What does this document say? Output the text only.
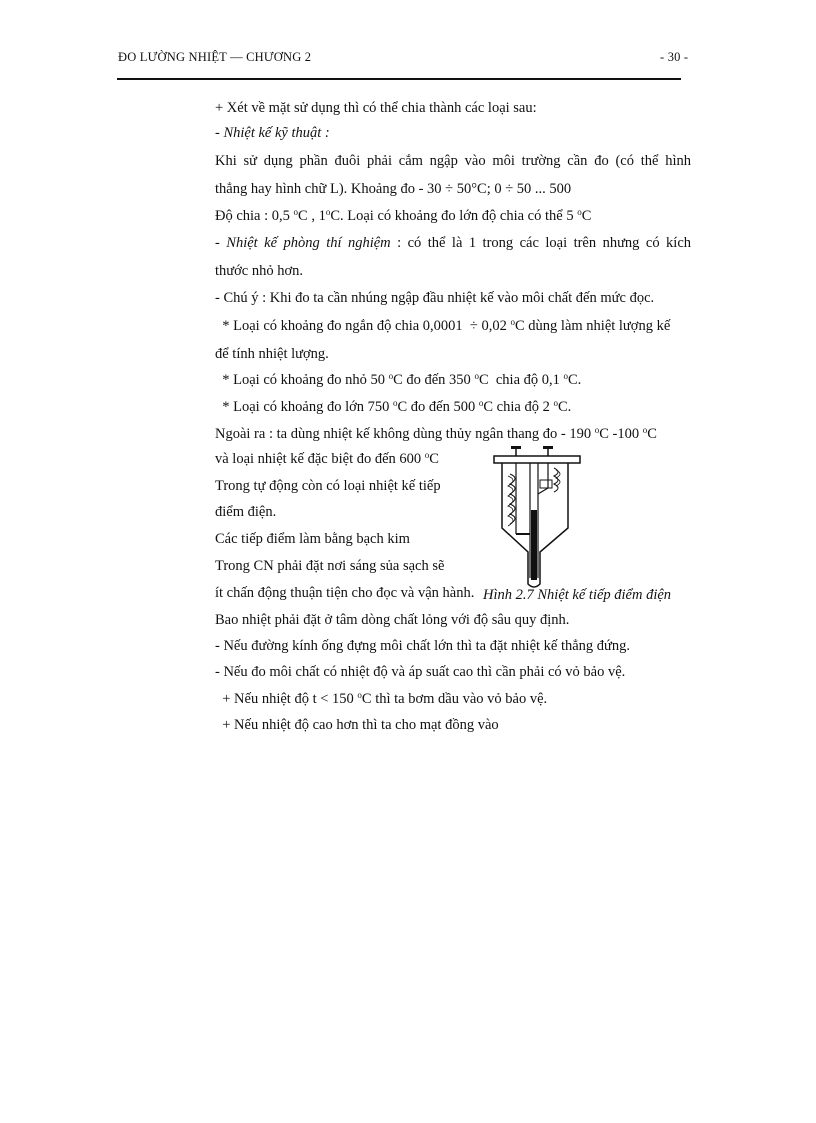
ĐO LƯỜNG NHIỆT — CHƯƠNG 2	- 30 -
+ Xét về mặt sử dụng thì có thể chia thành các loại sau:
- Nhiệt kế kỹ thuật :
Khi sử dụng phần đuôi phải cắm ngập vào môi trường cần đo (có thể hình
thẳng hay hình chữ L). Khoảng đo - 30 ÷ 50°C; 0 ÷ 50 ... 500
Độ chia : 0,5 $^o$C , 1$^o$C. Loại có khoảng đo lớn độ chia có thể 5 $^o$C
- Nhiệt kế phòng thí nghiệm : có thể là 1 trong các loại trên nhưng có kích
thước nhỏ hơn.
- Chú ý : Khi đo ta cần nhúng ngập đầu nhiệt kế vào môi chất đến mức đọc.
* Loại có khoảng đo ngắn độ chia 0,0001  ÷ 0,02 $^o$C dùng làm nhiệt lượng kế
để tính nhiệt lượng.
* Loại có khoảng đo nhỏ 50 $^o$C đo đến 350 $^o$C  chia độ 0,1 $^o$C.
* Loại có khoảng đo lớn 750 $^o$C đo đến 500 $^o$C chia độ 2 $^o$C.
Ngoài ra : ta dùng nhiệt kế không dùng thủy ngân thang đo - 190 $^o$C -100 $^o$C
và loại nhiệt kế đặc biệt đo đến 600 $^o$C
Trong tự động còn có loại nhiệt kế tiếp
điểm điện.
Các tiếp điểm làm bằng bạch kim
Trong CN phải đặt nơi sáng sủa sạch sẽ
ít chấn động thuận tiện cho đọc và vận hành. Hình 2.7 Nhiệt kế tiếp điểm điện
Bao nhiệt phải đặt ở tâm dòng chất lỏng với độ sâu quy định.
- Nếu đường kính ống đựng môi chất lớn thì ta đặt nhiệt kế thẳng đứng.
- Nếu đo môi chất có nhiệt độ và áp suất cao thì cần phải có vỏ bảo vệ.
+ Nếu nhiệt độ t < 150 $^o$C thì ta bơm dầu vào vỏ bảo vệ.
+ Nếu nhiệt độ cao hơn thì ta cho mạt đồng vào
